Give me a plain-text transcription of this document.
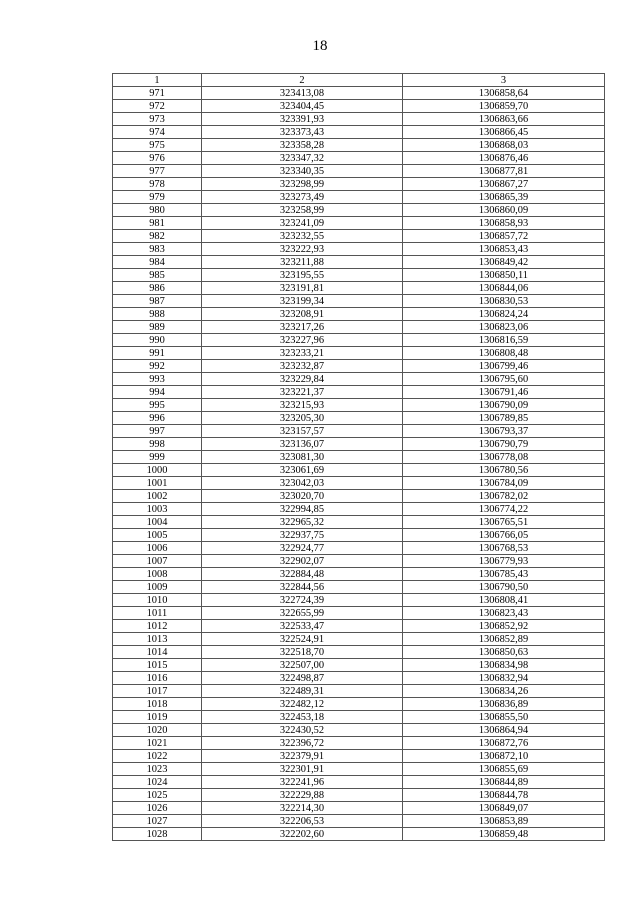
18
1	2	3
971	323413,08	1306858,64
972	323404,45	1306859,70
973	323391,93	1306863,66
974	323373,43	1306866,45
975	323358,28	1306868,03
976	323347,32	1306876,46
977	323340,35	1306877,81
978	323298,99	1306867,27
979	323273,49	1306865,39
980	323258,99	1306860,09
981	323241,09	1306858,93
982	323232,55	1306857,72
983	323222,93	1306853,43
984	323211,88	1306849,42
985	323195,55	1306850,11
986	323191,81	1306844,06
987	323199,34	1306830,53
988	323208,91	1306824,24
989	323217,26	1306823,06
990	323227,96	1306816,59
991	323233,21	1306808,48
992	323232,87	1306799,46
993	323229,84	1306795,60
994	323221,37	1306791,46
995	323215,93	1306790,09
996	323205,30	1306789,85
997	323157,57	1306793,37
998	323136,07	1306790,79
999	323081,30	1306778,08
1000	323061,69	1306780,56
1001	323042,03	1306784,09
1002	323020,70	1306782,02
1003	322994,85	1306774,22
1004	322965,32	1306765,51
1005	322937,75	1306766,05
1006	322924,77	1306768,53
1007	322902,07	1306779,93
1008	322884,48	1306785,43
1009	322844,56	1306790,50
1010	322724,39	1306808,41
1011	322655,99	1306823,43
1012	322533,47	1306852,92
1013	322524,91	1306852,89
1014	322518,70	1306850,63
1015	322507,00	1306834,98
1016	322498,87	1306832,94
1017	322489,31	1306834,26
1018	322482,12	1306836,89
1019	322453,18	1306855,50
1020	322430,52	1306864,94
1021	322396,72	1306872,76
1022	322379,91	1306872,10
1023	322301,91	1306855,69
1024	322241,96	1306844,89
1025	322229,88	1306844,78
1026	322214,30	1306849,07
1027	322206,53	1306853,89
1028	322202,60	1306859,48
